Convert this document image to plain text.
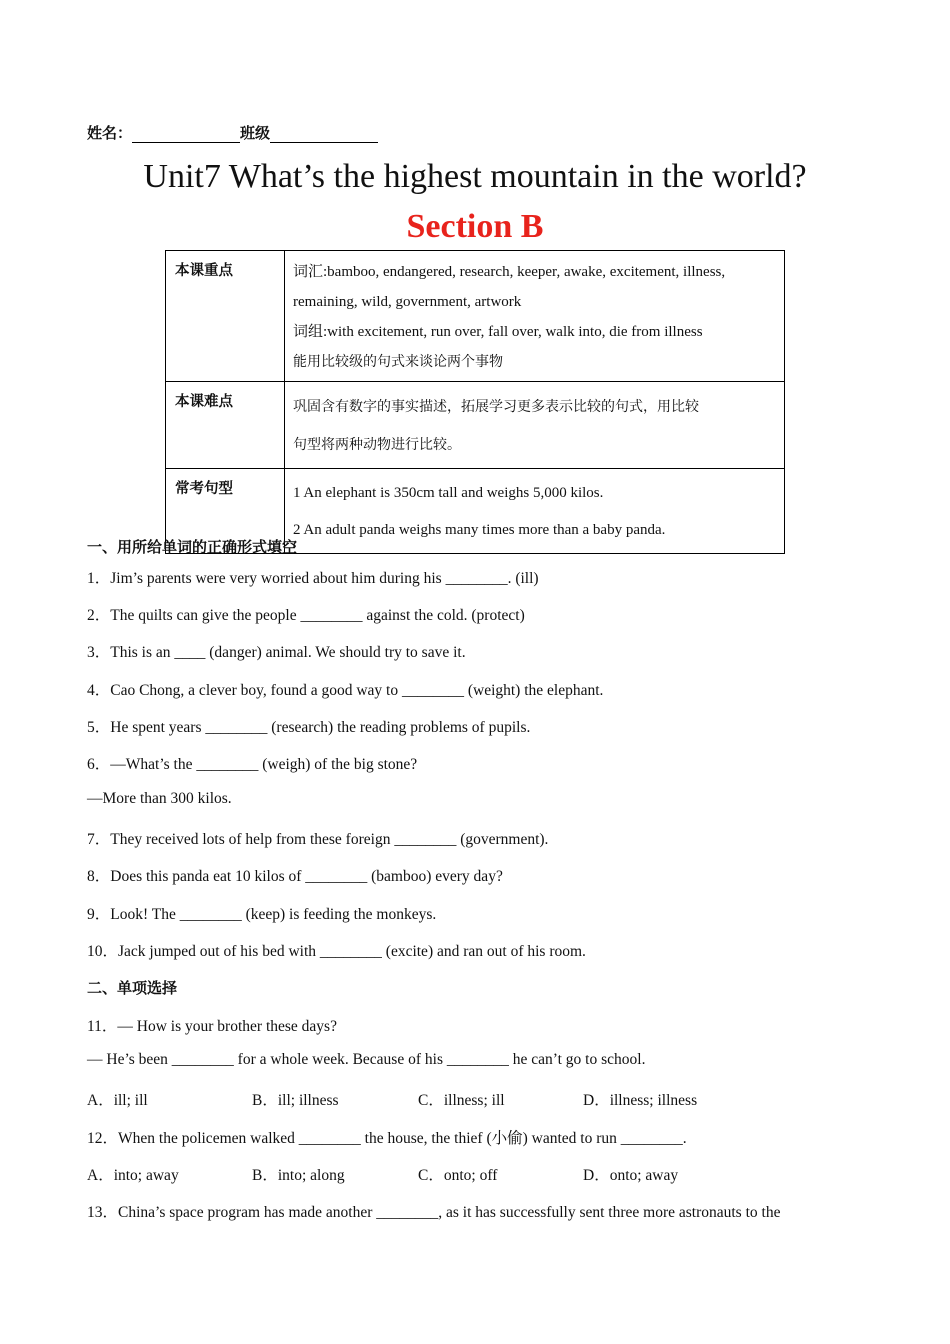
姓名：	班级
Unit7 What’s the highest mountain in the world?
Section B
本课重点	词汇:bamboo, endangered, research, keeper, awake, excitement, illness,
remaining, wild, government, artwork
词组:with excitement, run over, fall over, walk into, die from illness
能用比较级的句式来谈论两个事物

本课难点	巩固含有数字的事实描述，拓展学习更多表示比较的句式，用比较
句型将两种动物进行比较。

常考句型	1 An elephant is 350cm tall and weighs 5,000 kilos.
2 An adult panda weighs many times more than a baby panda.
一、用所给单词的正确形式填空
1．Jim’s parents were very worried about him during his ________. (ill)
2．The quilts can give the people ________ against the cold. (protect)
3．This is an ____ (danger) animal. We should try to save it.
4．Cao Chong, a clever boy, found a good way to ________ (weight) the elephant.
5．He spent years ________ (research) the reading problems of pupils.
6．—What’s the ________ (weigh) of the big stone?
—More than 300 kilos.
7．They received lots of help from these foreign ________ (government).
8．Does this panda eat 10 kilos of ________ (bamboo) every day?
9．Look! The ________ (keep) is feeding the monkeys.
10．Jack jumped out of his bed with ________ (excite) and ran out of his room.
二、单项选择
11．— How is your brother these days?
— He’s been ________ for a whole week. Because of his ________ he can’t go to school.
A．ill; ill	B．ill; illness	C．illness; ill	D．illness; illness
12．When the policemen walked ________ the house, the thief (小偷) wanted to run ________.
A．into; away	B．into; along	C．onto; off	D．onto; away
13．China’s space program has made another ________, as it has successfully sent three more astronauts to the
